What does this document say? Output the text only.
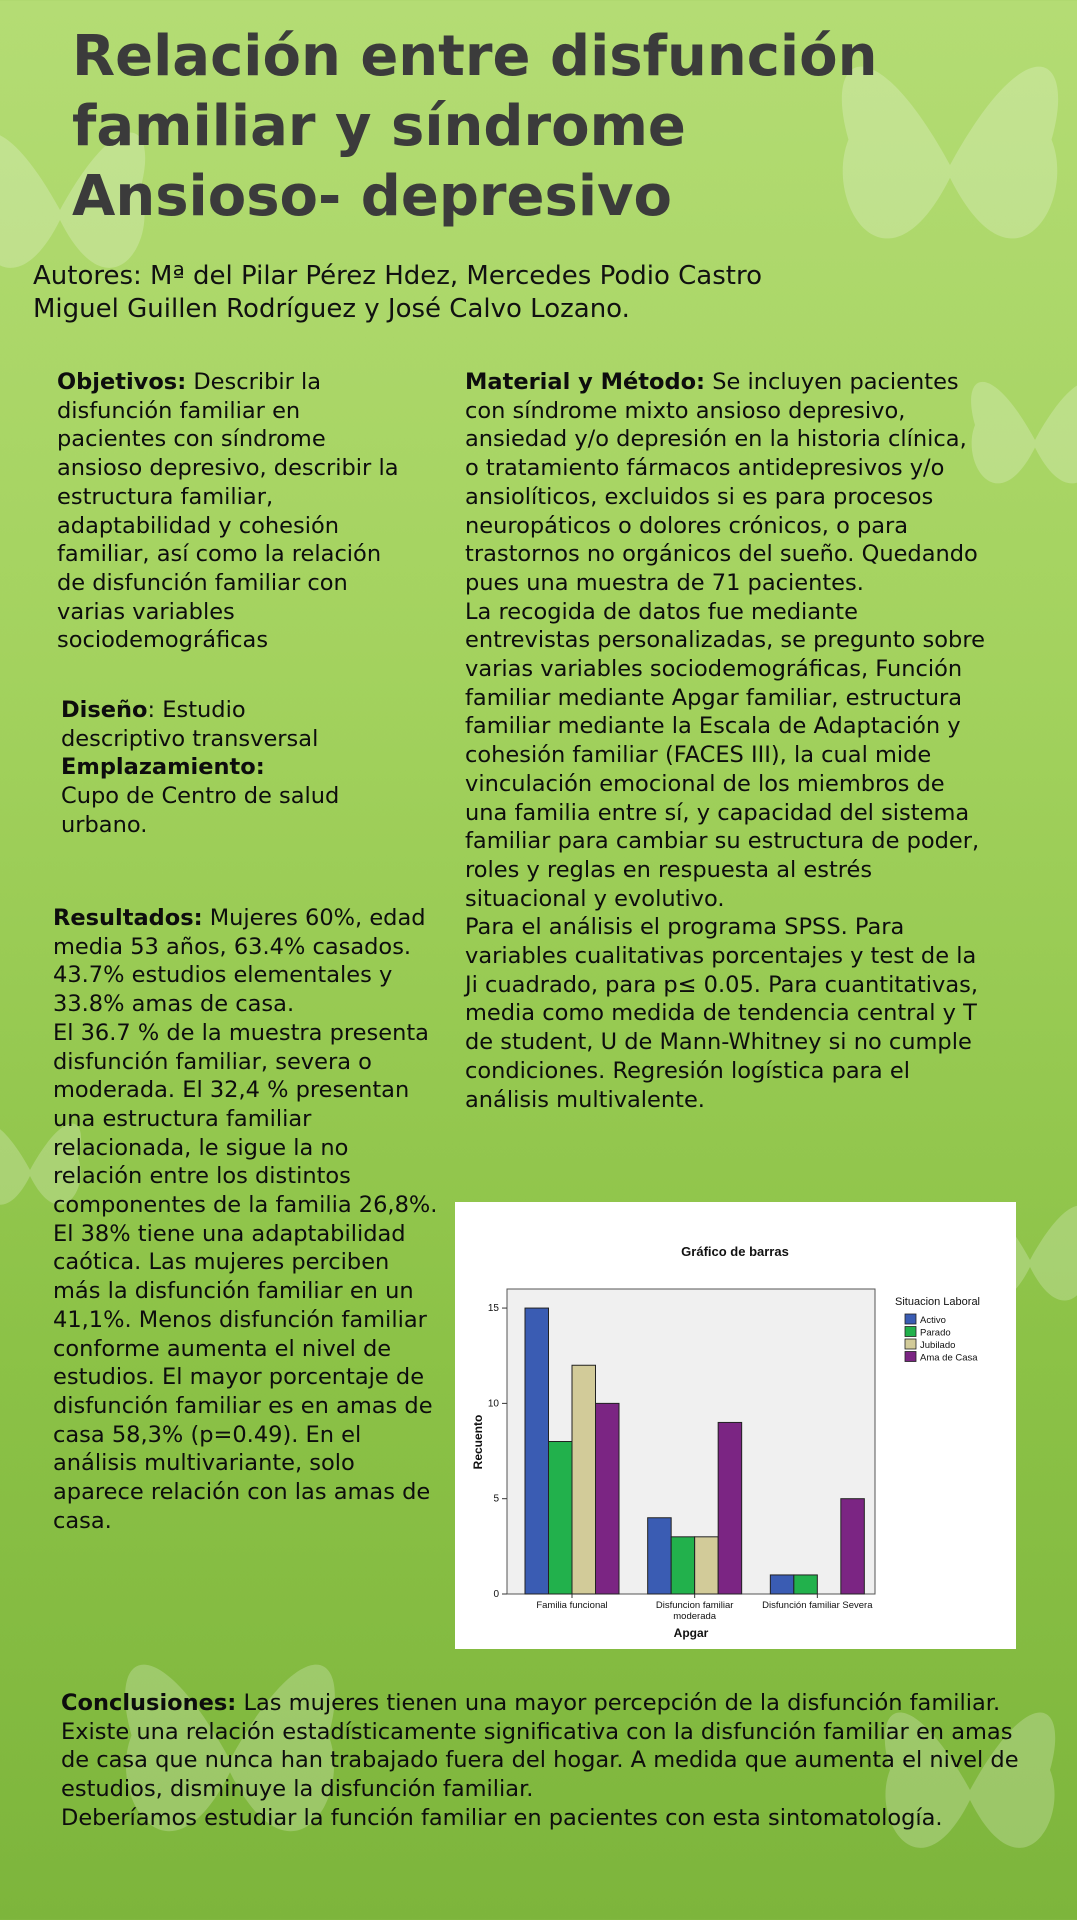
Relación entre disfunción
familiar y síndrome
Ansioso- depresivo
Autores: Mª del Pilar Pérez Hdez, Mercedes Podio Castro
Miguel Guillen Rodríguez y José Calvo Lozano.

Objetivos: Describir la disfunción familiar en pacientes con síndrome ansioso depresivo, describir la estructura familiar, adaptabilidad y cohesión familiar, así como la relación de disfunción familiar con varias variables sociodemográficas

Diseño: Estudio descriptivo transversal

Emplazamiento:

Cupo de Centro de salud urbano.

Resultados: Mujeres 60%, edad media 53 años, 63.4% casados. 43.7% estudios elementales y 33.8% amas de casa.

El 36.7 % de la muestra presenta disfunción familiar, severa o moderada. El 32,4 % presentan una estructura familiar relacionada, le sigue la no relación entre los distintos componentes de la familia 26,8%. El 38% tiene una adaptabilidad caótica. Las mujeres perciben más la disfunción familiar en un 41,1%. Menos disfunción familiar conforme aumenta el nivel de estudios. El mayor porcentaje de disfunción familiar es en amas de casa 58,3% (p=0.49). En el análisis multivariante, solo aparece relación con las amas de casa.

Material y Método: Se incluyen pacientes con síndrome mixto ansioso depresivo, ansiedad y/o depresión en la historia clínica, o tratamiento fármacos antidepresivos y/o ansiolíticos, excluidos si es para procesos neuropáticos o dolores crónicos, o para trastornos no orgánicos del sueño. Quedando pues una muestra de 71 pacientes.

La recogida de datos fue mediante entrevistas personalizadas, se pregunto sobre varias variables sociodemográficas, Función familiar mediante Apgar familiar, estructura familiar mediante la Escala de Adaptación y cohesión familiar (FACES III), la cual mide vinculación emocional de los miembros de una familia entre sí, y capacidad del sistema familiar para cambiar su estructura de poder, roles y reglas en respuesta al estrés situacional y evolutivo.

Para el análisis el programa SPSS. Para variables cualitativas porcentajes y test de la Ji cuadrado, para p≤ 0.05. Para cuantitativas, media como medida de tendencia central y T de student, U de Mann-Whitney si no cumple condiciones. Regresión logística para el análisis multivalente.

Gráfico de barras
0
5
10
15
Recuento
Familia funcional	Disfuncion familiar
moderada
Disfunción familiar Severa
Apgar
Situacion Laboral
Activo
Parado
Jubilado
Ama de Casa

Conclusiones: Las mujeres tienen una mayor percepción de la disfunción familiar. Existe una relación estadísticamente significativa con la disfunción familiar en amas de casa que nunca han trabajado fuera del hogar. A medida que aumenta el nivel de estudios, disminuye la disfunción familiar.

Deberíamos estudiar la función familiar en pacientes con esta sintomatología.
